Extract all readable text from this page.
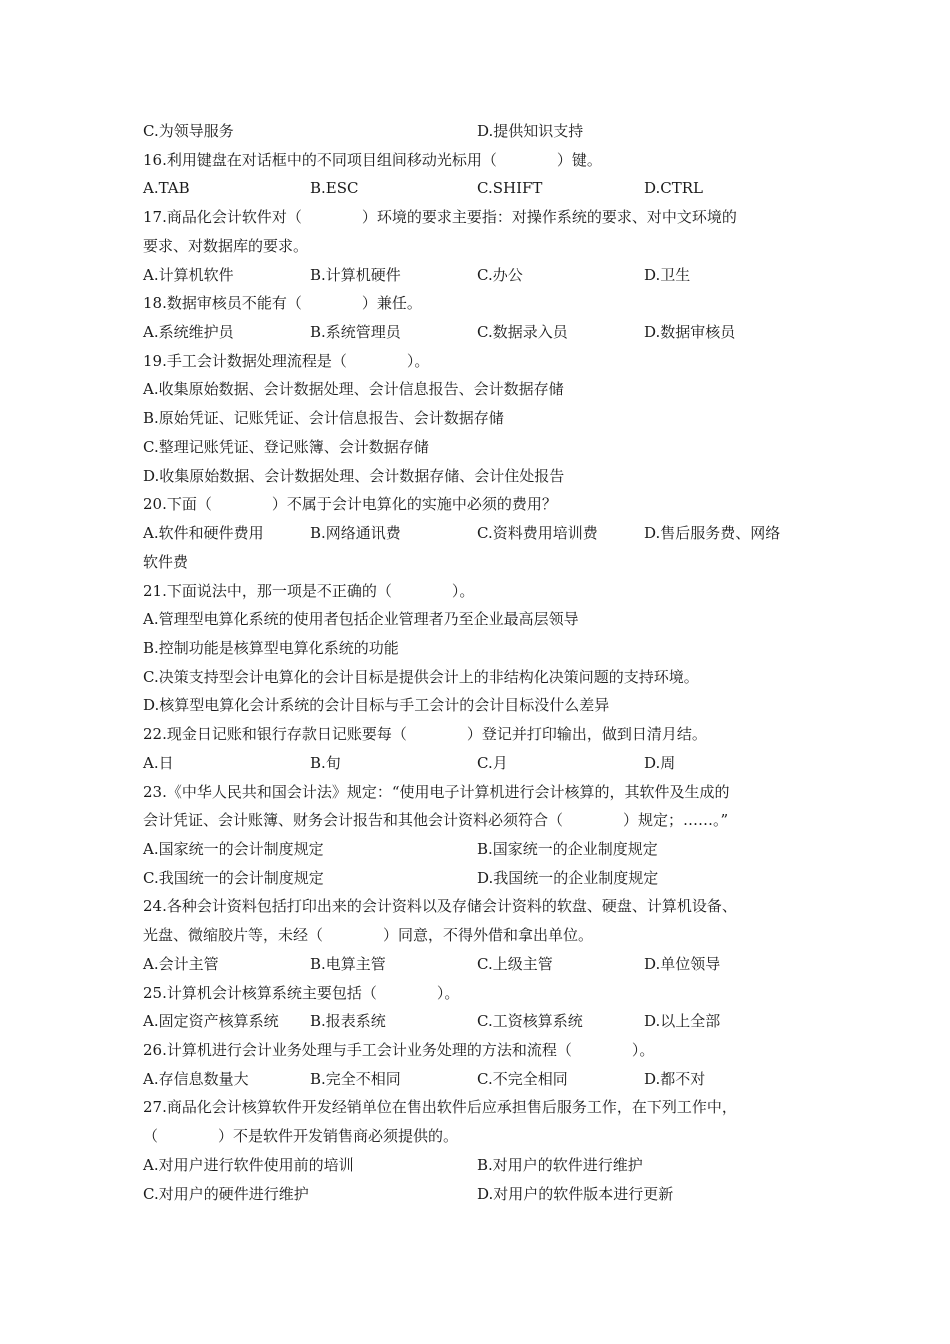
C.为领导服务	D.提供知识支持
16.利用键盘在对话框中的不同项目组间移动光标用（　　　　）键。
A.TAB	B.ESC	C.SHIFT	D.CTRL
17.商品化会计软件对（　　　　）环境的要求主要指：对操作系统的要求、对中文环境的
要求、对数据库的要求。
A.计算机软件	B.计算机硬件	C.办公	D.卫生
18.数据审核员不能有（　　　　）兼任。
A.系统维护员	B.系统管理员	C.数据录入员	D.数据审核员
19.手工会计数据处理流程是（　　　　）。
A.收集原始数据、会计数据处理、会计信息报告、会计数据存储
B.原始凭证、记账凭证、会计信息报告、会计数据存储
C.整理记账凭证、登记账簿、会计数据存储
D.收集原始数据、会计数据处理、会计数据存储、会计住处报告
20.下面（　　　　）不属于会计电算化的实施中必须的费用？
A.软件和硬件费用	B.网络通讯费	C.资料费用培训费	D.售后服务费、网络
软件费
21.下面说法中，那一项是不正确的（　　　　）。
A.管理型电算化系统的使用者包括企业管理者乃至企业最高层领导
B.控制功能是核算型电算化系统的功能
C.决策支持型会计电算化的会计目标是提供会计上的非结构化决策问题的支持环境。
D.核算型电算化会计系统的会计目标与手工会计的会计目标没什么差异
22.现金日记账和银行存款日记账要每（　　　　）登记并打印输出，做到日清月结。
A.日	B.旬	C.月	D.周
23.《中华人民共和国会计法》规定：“使用电子计算机进行会计核算的，其软件及生成的
会计凭证、会计账簿、财务会计报告和其他会计资料必须符合（　　　　）规定；……。”
A.国家统一的会计制度规定	B.国家统一的企业制度规定
C.我国统一的会计制度规定	D.我国统一的企业制度规定
24.各种会计资料包括打印出来的会计资料以及存储会计资料的软盘、硬盘、计算机设备、
光盘、微缩胶片等，未经（　　　　）同意，不得外借和拿出单位。
A.会计主管	B.电算主管	C.上级主管	D.单位领导
25.计算机会计核算系统主要包括（　　　　）。
A.固定资产核算系统 B.报表系统	C.工资核算系统	D.以上全部
26.计算机进行会计业务处理与手工会计业务处理的方法和流程（　　　　）。
A.存信息数量大	B.完全不相同	C.不完全相同	D.都不对
27.商品化会计核算软件开发经销单位在售出软件后应承担售后服务工作，在下列工作中，
（　　　　）不是软件开发销售商必须提供的。
A.对用户进行软件使用前的培训	B.对用户的软件进行维护
C.对用户的硬件进行维护	D.对用户的软件版本进行更新
